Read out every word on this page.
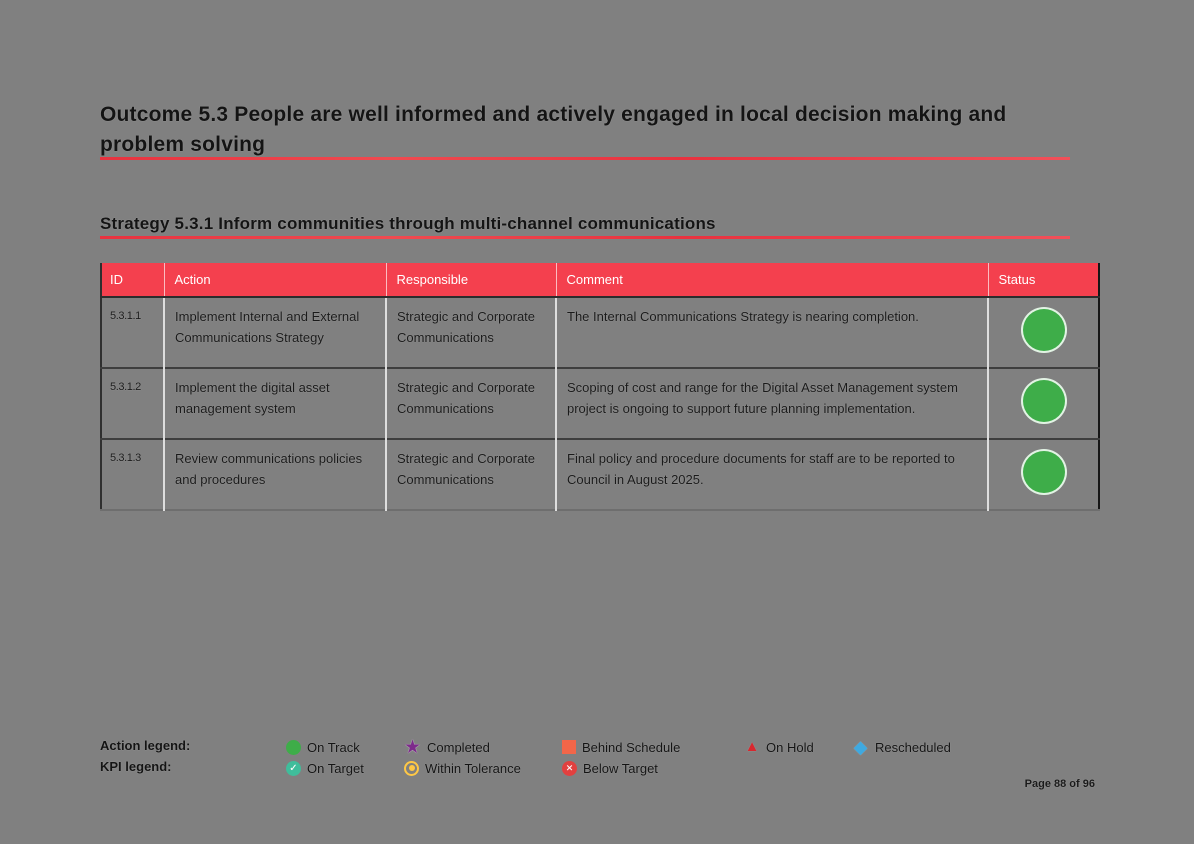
Outcome 5.3 People are well informed and actively engaged in local decision making and problem solving
Strategy 5.3.1 Inform communities through multi-channel communications
ID	Action	Responsible	Comment	Status
5.3.1.1	Implement Internal and External Communications Strategy	Strategic and Corporate Communications	The Internal Communications Strategy is nearing completion.	
5.3.1.2	Implement the digital asset management system	Strategic and Corporate Communications	Scoping of cost and range for the Digital Asset Management system project is ongoing to support future planning implementation.	
5.3.1.3	Review communications policies and procedures	Strategic and Corporate Communications	Final policy and procedure documents for staff are to be reported to Council in August 2025.	
Action legend:	On Track ★	Completed	Behind Schedule ▲	On Hold ◆	Rescheduled
KPI legend: ✓	On Target	Within Tolerance ✕	Below Target
Page 88 of 96
